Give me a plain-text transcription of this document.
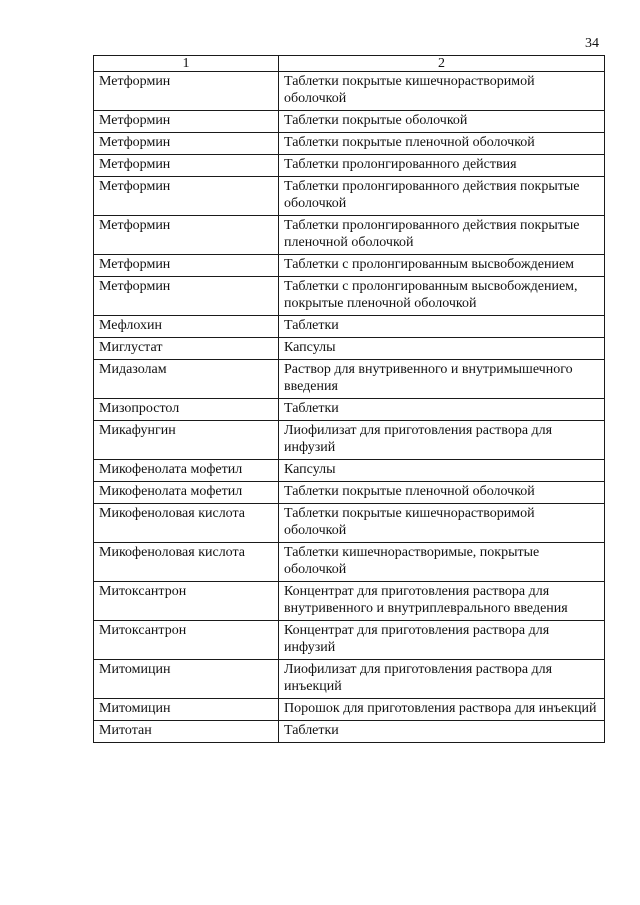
34
1	2
Метформин	Таблетки покрытые кишечнорастворимой оболочкой
Метформин	Таблетки покрытые оболочкой
Метформин	Таблетки покрытые пленочной оболочкой
Метформин	Таблетки пролонгированного действия
Метформин	Таблетки пролонгированного действия покрытые оболочкой
Метформин	Таблетки пролонгированного действия покрытые пленочной оболочкой
Метформин	Таблетки с пролонгированным высвобождением
Метформин	Таблетки с пролонгированным высвобождением, покрытые пленочной оболочкой
Мефлохин	Таблетки
Миглустат	Капсулы
Мидазолам	Раствор для внутривенного и внутримышечного введения
Мизопростол	Таблетки
Микафунгин	Лиофилизат для приготовления раствора для инфузий
Микофенолата мофетил	Капсулы
Микофенолата мофетил	Таблетки покрытые пленочной оболочкой
Микофеноловая кислота	Таблетки покрытые кишечнорастворимой оболочкой
Микофеноловая кислота	Таблетки кишечнорастворимые, покрытые оболочкой
Митоксантрон	Концентрат для приготовления раствора для внутривенного и внутриплеврального введения
Митоксантрон	Концентрат для приготовления раствора для инфузий
Митомицин	Лиофилизат для приготовления раствора для инъекций
Митомицин	Порошок для приготовления раствора для инъекций
Митотан	Таблетки
